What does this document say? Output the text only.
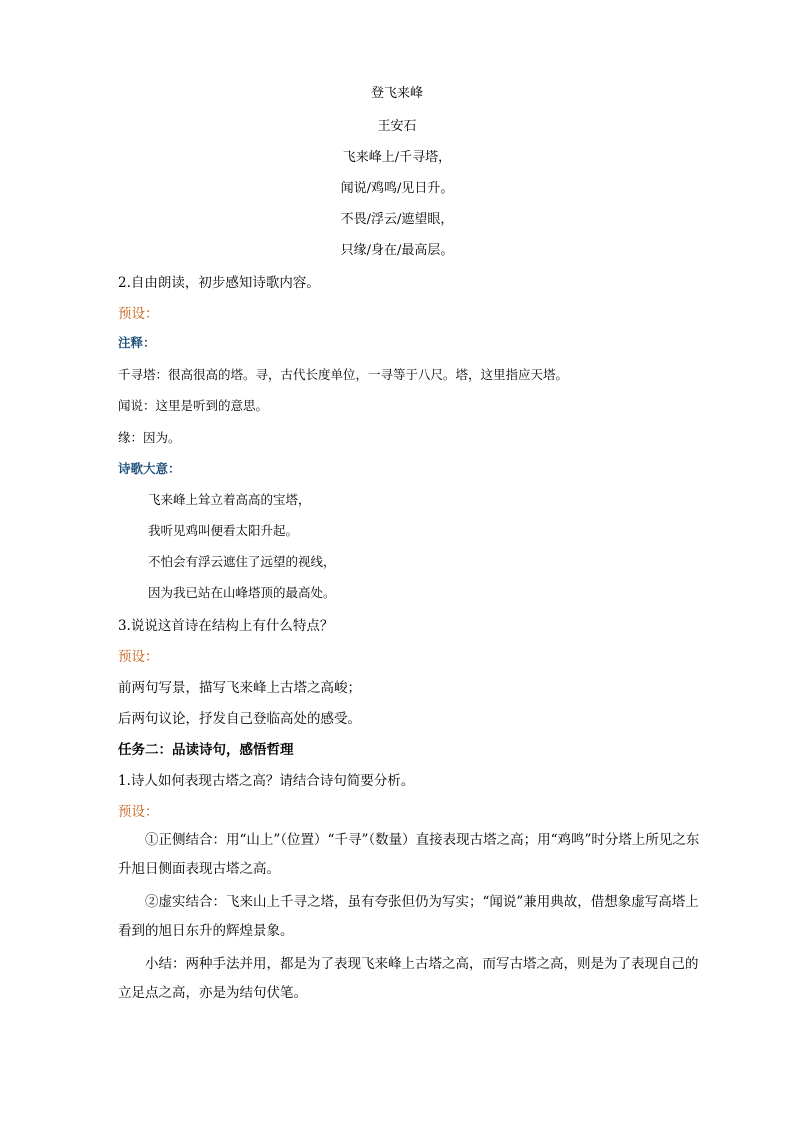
登飞来峰
王安石
飞来峰上/千寻塔，
闻说/鸡鸣/见日升。
不畏/浮云/遮望眼，
只缘/身在/最高层。
2.自由朗读，初步感知诗歌内容。
预设：
注释：
千寻塔：很高很高的塔。寻，古代长度单位，一寻等于八尺。塔，这里指应天塔。
闻说：这里是听到的意思。
缘：因为。
诗歌大意：
飞来峰上耸立着高高的宝塔，
我听见鸡叫便看太阳升起。
不怕会有浮云遮住了远望的视线，
因为我已站在山峰塔顶的最高处。
3.说说这首诗在结构上有什么特点？
预设：
前两句写景，描写飞来峰上古塔之高峻；
后两句议论，抒发自己登临高处的感受。
任务二：品读诗句，感悟哲理
1.诗人如何表现古塔之高？请结合诗句简要分析。
预设：
①正侧结合：用“山上”（位置）“千寻”（数量）直接表现古塔之高；用“鸡鸣”时分塔上所见之东升旭日侧面表现古塔之高。
②虚实结合：飞来山上千寻之塔，虽有夸张但仍为写实；“闻说”兼用典故，借想象虚写高塔上看到的旭日东升的辉煌景象。
小结：两种手法并用，都是为了表现飞来峰上古塔之高，而写古塔之高，则是为了表现自己的立足点之高，亦是为结句伏笔。
